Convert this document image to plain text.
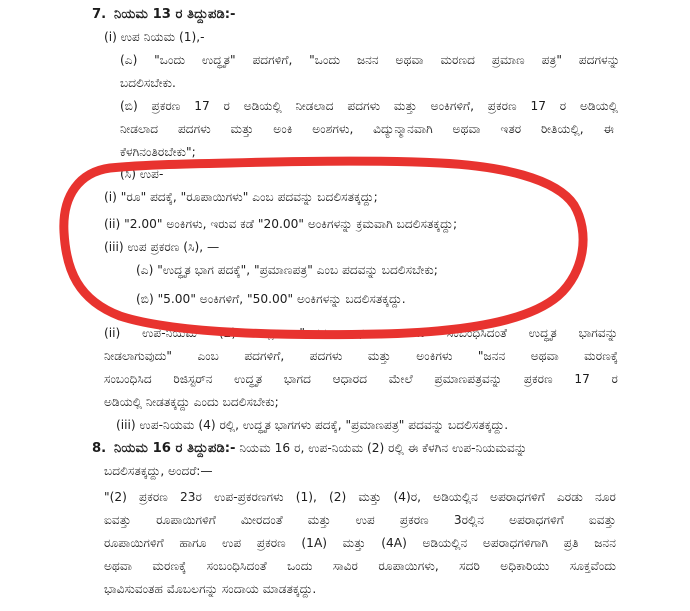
7. ನಿಯಮ 13 ರ ತಿದ್ದುಪಡಿ:-
(i) ಉಪ ನಿಯಮ (1),-
(ಎ) "ಒಂದು ಉದ್ಧೃತ" ಪದಗಳಿಗೆ, "ಒಂದು ಜನನ ಅಥವಾ ಮರಣದ ಪ್ರಮಾಣ ಪತ್ರ" ಪದಗಳನ್ನು
ಬದಲಿಸಬೇಕು.
(ಬಿ) ಪ್ರಕರಣ 17 ರ ಅಡಿಯಲ್ಲಿ ನೀಡಲಾದ ಪದಗಳು ಮತ್ತು ಅಂಕಿಗಳಿಗೆ, ಪ್ರಕರಣ 17 ರ ಅಡಿಯಲ್ಲಿ
ನೀಡಲಾದ ಪದಗಳು ಮತ್ತು ಅಂಕಿ ಅಂಶಗಳು, ವಿದ್ಯುನ್ಮಾನವಾಗಿ ಅಥವಾ ಇತರ ರೀತಿಯಲ್ಲಿ, ಈ
ಕೆಳಗಿನಂತಿರಬೇಕು";
(ಸಿ) ಉಪ-
(i) "ರೂ" ಪದಕ್ಕೆ, "ರೂಪಾಯಿಗಳು" ಎಂಬ ಪದವನ್ನು ಬದಲಿಸತಕ್ಕದ್ದು;
(ii) "2.00" ಅಂಕಿಗಳು, ಇರುವ ಕಡೆ "20.00" ಅಂಕಿಗಳನ್ನು ಕ್ರಮವಾಗಿ ಬದಲಿಸತಕ್ಕದ್ದು;
(iii) ಉಪ ಪ್ರಕರಣ (ಸಿ), —
(ಎ) "ಉದ್ಧೃತ ಭಾಗ ಪದಕ್ಕೆ", "ಪ್ರಮಾಣಪತ್ರ" ಎಂಬ ಪದವನ್ನು ಬದಲಿಸಬೇಕು;
(ಬಿ) "5.00" ಅಂಕಿಗಳಿಗೆ, "50.00" ಅಂಕಿಗಳನ್ನು ಬದಲಿಸತಕ್ಕದ್ದು.
(ii) ಉಪ-ನಿಯಮ (2) ರಲ್ಲಿ, "ಜನನ ಅಥವಾ ಮರಣ ಸಂಬಂಧಿಸಿದಂತೆ ಉದ್ಧೃತ ಭಾಗವನ್ನು
ನೀಡಲಾಗುವುದು" ಎಂಬ ಪದಗಳಿಗೆ, ಪದಗಳು ಮತ್ತು ಅಂಕಿಗಳು "ಜನನ ಅಥವಾ ಮರಣಕ್ಕೆ
ಸಂಬಂಧಿಸಿದ ರಿಜಿಸ್ಟರ್‌ನ ಉದ್ಧೃತ ಭಾಗದ ಆಧಾರದ ಮೇಲೆ ಪ್ರಮಾಣಪತ್ರವನ್ನು ಪ್ರಕರಣ 17 ರ
ಅಡಿಯಲ್ಲಿ ನೀಡತಕ್ಕದ್ದು ಎಂದು ಬದಲಿಸಬೇಕು;
(iii) ಉಪ-ನಿಯಮ (4) ರಲ್ಲಿ, ಉದ್ಧೃತ ಭಾಗಗಳು ಪದಕ್ಕೆ, "ಪ್ರಮಾಣಪತ್ರ" ಪದವನ್ನು ಬದಲಿಸತಕ್ಕದ್ದು.
8. ನಿಯಮ 16 ರ ತಿದ್ದುಪಡಿ:- ನಿಯಮ 16 ರ, ಉಪ-ನಿಯಮ (2) ರಲ್ಲಿ ಈ ಕೆಳಗಿನ ಉಪ-ನಿಯಮವನ್ನು
ಬದಲಿಸತಕ್ಕದ್ದು, ಅಂದರೆ:—
"(2) ಪ್ರಕರಣ 23ರ ಉಪ-ಪ್ರಕರಣಗಳು (1), (2) ಮತ್ತು (4)ರ, ಅಡಿಯಲ್ಲಿನ ಅಪರಾಧಗಳಿಗೆ ಎರಡು ನೂರ
ಐವತ್ತು ರೂಪಾಯಿಗಳಿಗೆ ಮೀರದಂತೆ ಮತ್ತು ಉಪ ಪ್ರಕರಣ 3ರಲ್ಲಿನ ಅಪರಾಧಗಳಿಗೆ ಐವತ್ತು
ರೂಪಾಯಿಗಳಿಗೆ ಹಾಗೂ ಉಪ ಪ್ರಕರಣ (1A) ಮತ್ತು (4A) ಅಡಿಯಲ್ಲಿನ ಅಪರಾಧಗಳಿಗಾಗಿ ಪ್ರತಿ ಜನನ
ಅಥವಾ ಮರಣಕ್ಕೆ ಸಂಬಂಧಿಸಿದಂತೆ ಒಂದು ಸಾವಿರ ರೂಪಾಯಿಗಳು, ಸದರಿ ಅಧಿಕಾರಿಯು ಸೂಕ್ತವೆಂದು
ಭಾವಿಸುವಂತಹ ಮೊಬಲಗನ್ನು ಸಂದಾಯ ಮಾಡತಕ್ಕದ್ದು.
